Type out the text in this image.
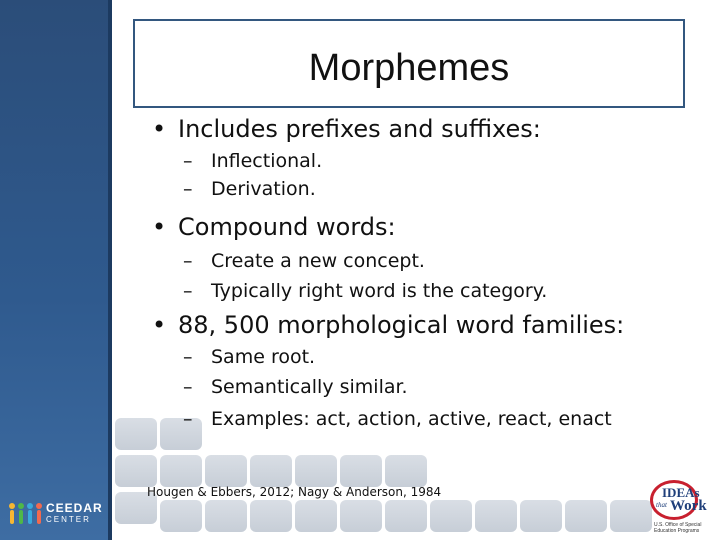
Morphemes
• Includes prefixes and suffixes:
– Inflectional.
– Derivation.
• Compound words:
– Create a new concept.
– Typically right word is the category.
• 88, 500 morphological word families:
– Same root.
– Semantically similar.
– Examples: act, action, active, react, enact
Hougen & Ebbers, 2012; Nagy & Anderson, 1984
CEEDAR
CENTER
IDEAs
that Work
U.S. Office of Special
Education Programs
